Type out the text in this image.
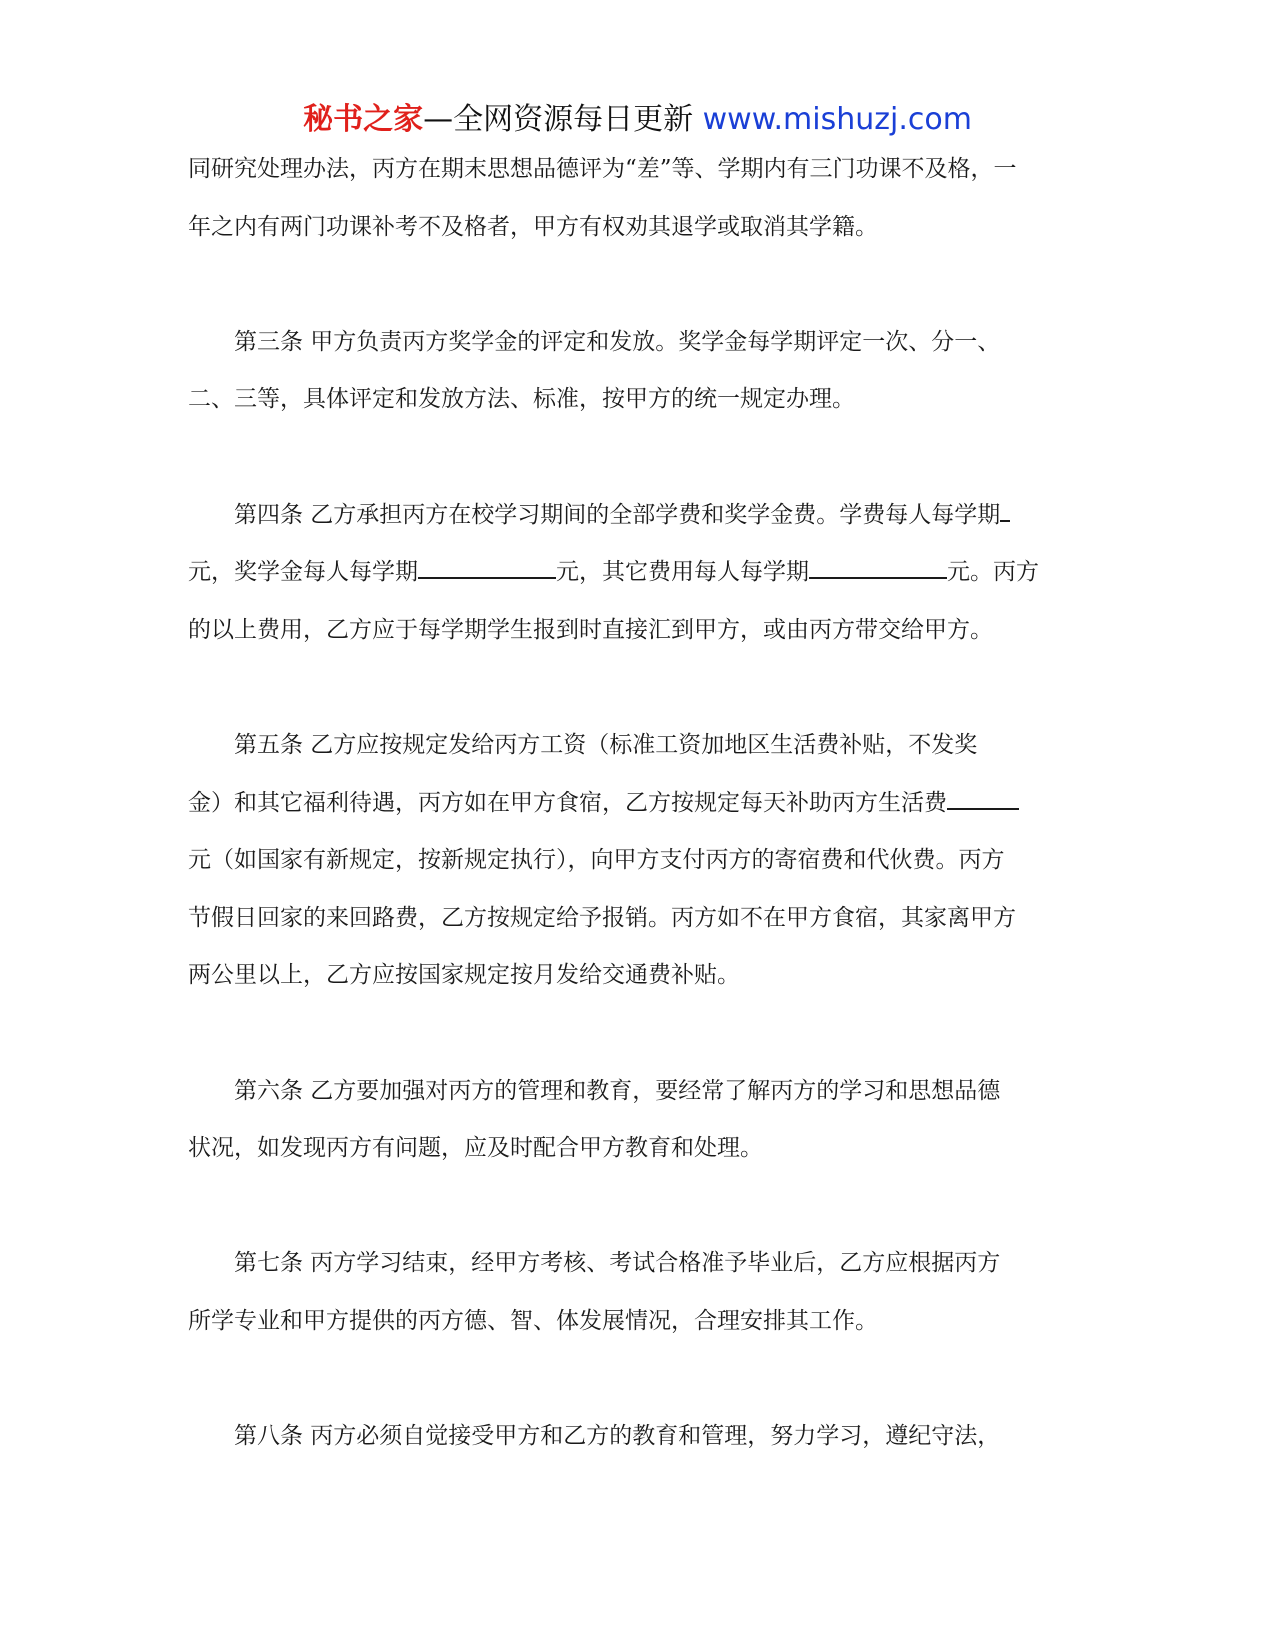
秘书之家—全网资源每日更新 www.mishuzj.com
同研究处理办法，丙方在期末思想品德评为“差”等、学期内有三门功课不及格，一
年之内有两门功课补考不及格者，甲方有权劝其退学或取消其学籍。
第三条 甲方负责丙方奖学金的评定和发放。奖学金每学期评定一次、分一、
二、三等，具体评定和发放方法、标准，按甲方的统一规定办理。
第四条 乙方承担丙方在校学习期间的全部学费和奖学金费。学费每人每学期
元，奖学金每人每学期	元，其它费用每人每学期	元。丙方
的以上费用，乙方应于每学期学生报到时直接汇到甲方，或由丙方带交给甲方。
第五条 乙方应按规定发给丙方工资（标准工资加地区生活费补贴，不发奖
金）和其它福利待遇，丙方如在甲方食宿，乙方按规定每天补助丙方生活费
元（如国家有新规定，按新规定执行），向甲方支付丙方的寄宿费和代伙费。丙方
节假日回家的来回路费，乙方按规定给予报销。丙方如不在甲方食宿，其家离甲方
两公里以上，乙方应按国家规定按月发给交通费补贴。
第六条 乙方要加强对丙方的管理和教育，要经常了解丙方的学习和思想品德
状况，如发现丙方有问题，应及时配合甲方教育和处理。
第七条 丙方学习结束，经甲方考核、考试合格准予毕业后，乙方应根据丙方
所学专业和甲方提供的丙方德、智、体发展情况，合理安排其工作。
第八条 丙方必须自觉接受甲方和乙方的教育和管理，努力学习，遵纪守法，
